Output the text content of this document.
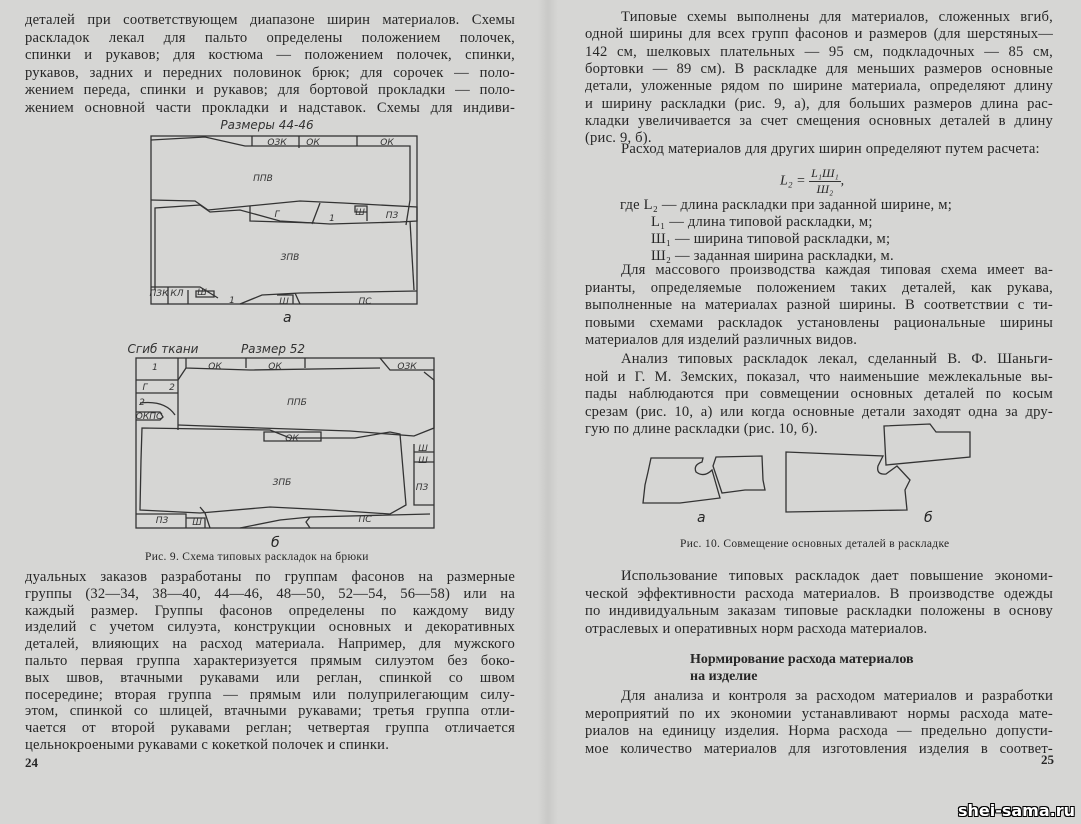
деталей при соответствующем диапазоне ширин материалов. Схемы
раскладок лекал для пальто определены положением полочек,
спинки и рукавов; для костюма — положением полочек, спинки,
рукавов, задних и передних половинок брюк; для сорочек — поло-
жением переда, спинки и рукавов; для бортовой прокладки — поло-
жением основной части прокладки и надставок. Схемы для индиви-
дуальных заказов разработаны по группам фасонов на размерные
группы (32—34, 38—40, 44—46, 48—50, 52—54, 56—58) или на
каждый размер. Группы фасонов определены по каждому виду
изделий с учетом силуэта, конструкции основных и декоративных
деталей, влияющих на расход материала. Например, для мужского
пальто первая группа характеризуется прямым силуэтом без боко-
вых швов, втачными рукавами или реглан, спинкой со швом
посередине; вторая группа — прямым или полуприлегающим силу-
этом, спинкой со шлицей, втачными рукавами; третья группа отли-
чается от второй рукавами реглан; четвертая группа отличается
цельнокроеными рукавами с кокеткой полочек и спинки.
Типовые схемы выполнены для материалов, сложенных вгиб,
одной ширины для всех групп фасонов и размеров (для шерстяных—
142 см, шелковых плательных — 95 см, подкладочных — 85 см,
бортовки — 89 см). В раскладке для меньших размеров основные
детали, уложенные рядом по ширине материала, определяют длину
и ширину раскладки (рис. 9, а), для больших размеров длина рас-
кладки увеличивается за счет смещения основных деталей в длину
(рис. 9, б).
Расход материалов для других ширин определяют путем расчета:
Для массового производства каждая типовая схема имеет ва-
рианты, определяемые положением таких деталей, как рукава,
выполненные на материалах разной ширины. В соответствии с ти-
повыми схемами раскладок установлены рациональные ширины
материалов для изделий различных видов.
Анализ типовых раскладок лекал, сделанный В. Ф. Шаньги-
ной и Г. М. Земских, показал, что наименьшие межлекальные вы-
пады наблюдаются при совмещении основных деталей по косым
срезам (рис. 10, а) или когда основные детали заходят одна за дру-
гую по длине раскладки (рис. 10, б).
Использование типовых раскладок дает повышение экономи-
ческой эффективности расхода материалов. В производстве одежды
по индивидуальным заказам типовые раскладки положены в основу
отраслевых и оперативных норм расхода материалов.
Для анализа и контроля за расходом материалов и разработки
мероприятий по их экономии устанавливают нормы расхода мате-
риалов на единицу изделия. Норма расхода — предельно допусти-
мое количество материалов для изготовления изделия в соответ-
где L₂ — длина раскладки при заданной ширине, м;
L₁ — длина типовой раскладки, м;
Ш₁ — ширина типовой раскладки, м;
Ш₂ — заданная ширина раскладки, м.
$L_2 = \frac{\text{L₁Ш₁}}{\text{Ш₂}}$ ,
Нормирование расхода материалов
на изделие
а
б
Рис. 9. Схема типовых раскладок на брюки
а	б
Рис. 10. Совмещение основных деталей в раскладке
24	25
shei-sama.ru
Размеры 44-46
ОЗК ОК	ОК
ППВ
Г	1
Ш ПЗ
ЗПВ
ПЗК КЛ Ш
1	Ш	ПС
Сгиб ткани	Размер 52
1	ОК	ОК	ОЗК
Г 2
2
ОКПС
ППБ
ОК
Ш
Ш
ЗПБ	ПЗ
ПЗ	Ш	ПС
